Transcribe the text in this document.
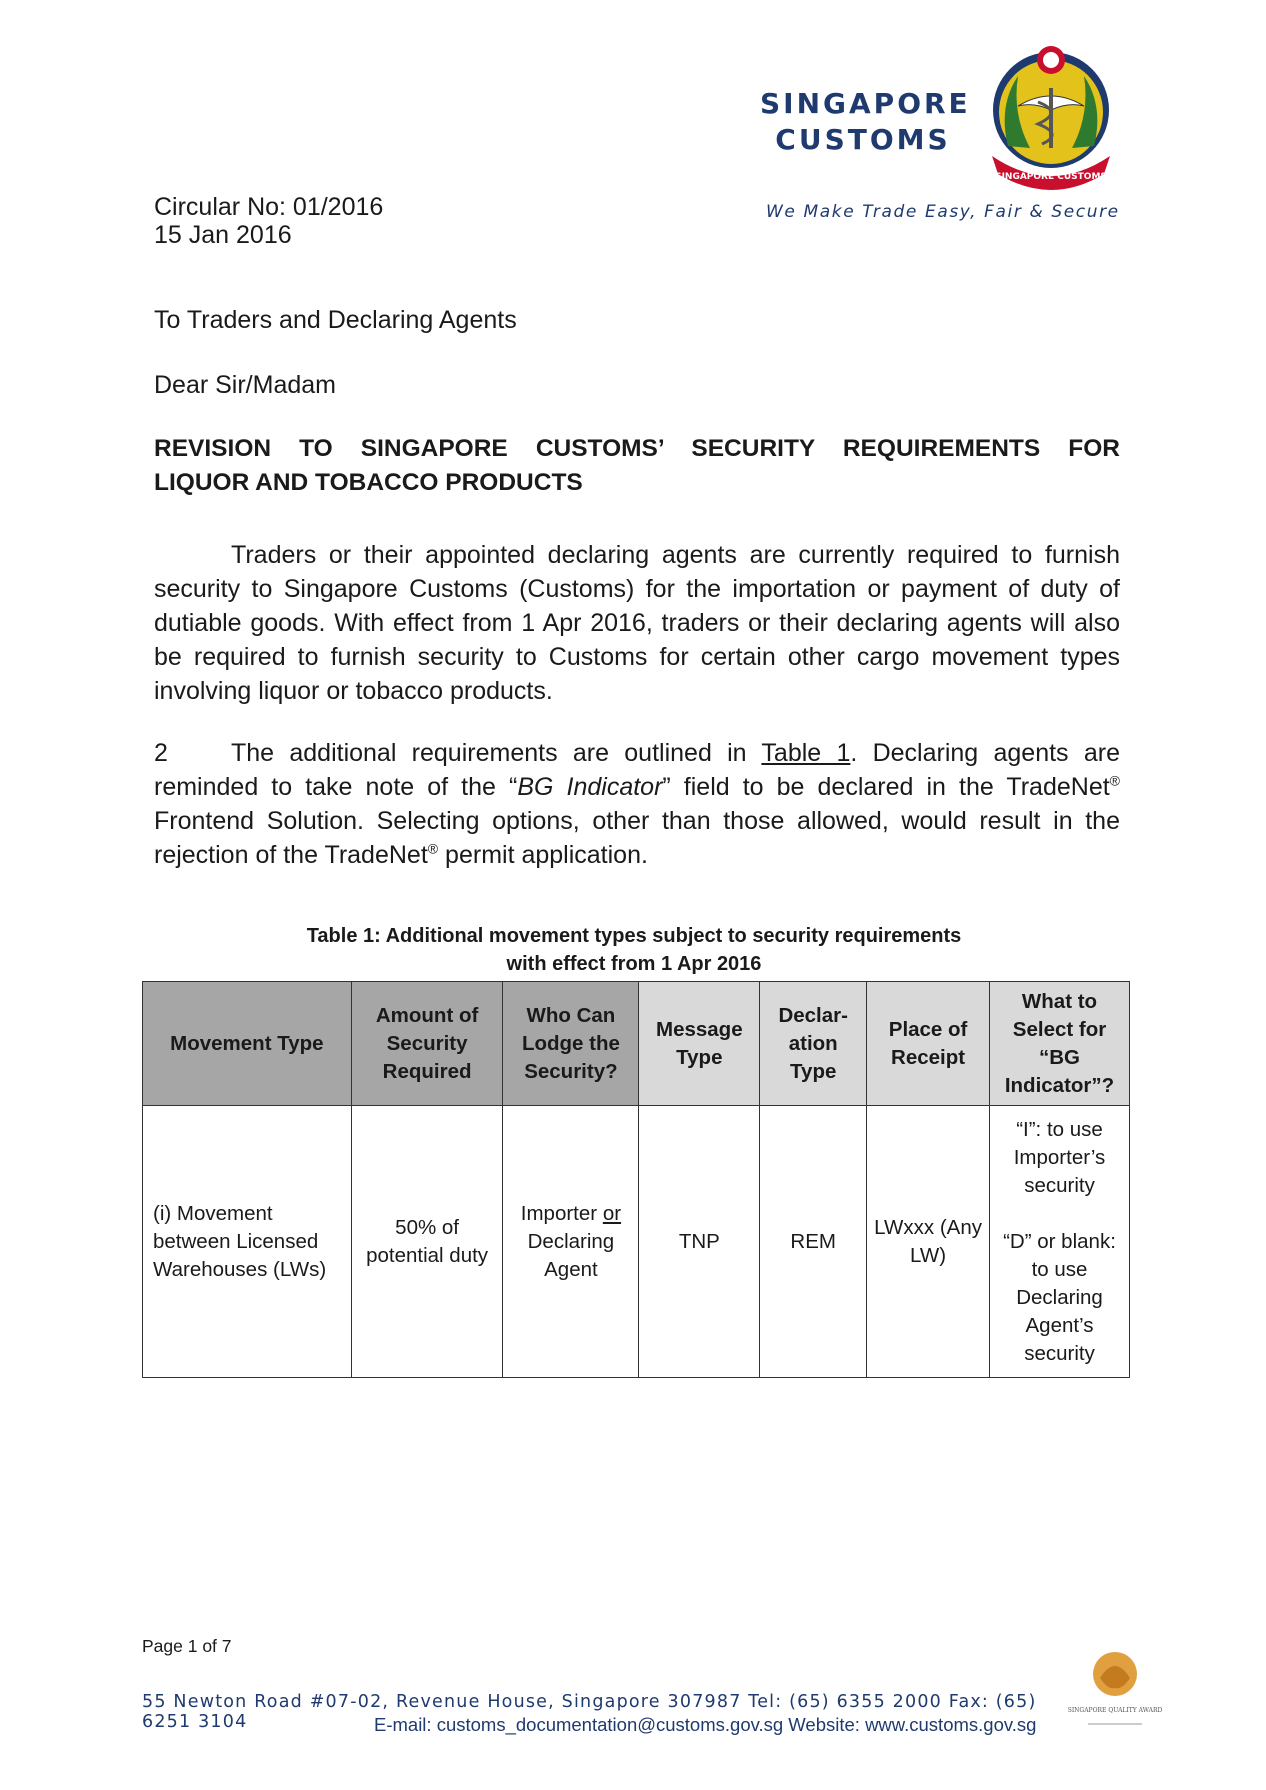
SINGAPORE
CUSTOMS
We Make Trade Easy, Fair & Secure
SINGAPORE CUSTOMS
Circular No: 01/2016
15 Jan 2016
To Traders and Declaring Agents
Dear Sir/Madam
REVISION TO SINGAPORE CUSTOMS’ SECURITY REQUIREMENTS FOR
LIQUOR AND TOBACCO PRODUCTS
Traders or their appointed declaring agents are currently required to furnish security to Singapore Customs (Customs) for the importation or payment of duty of dutiable goods. With effect from 1 Apr 2016, traders or their declaring agents will also be required to furnish security to Customs for certain other cargo movement types involving liquor or tobacco products.
2	The additional requirements are outlined in Table 1. Declaring agents are reminded to take note of the “BG Indicator” field to be declared in the TradeNet® Frontend Solution. Selecting options, other than those allowed, would result in the rejection of the TradeNet® permit application.
Table 1: Additional movement types subject to security requirements
with effect from 1 Apr 2016
Movement Type	Amount of Security Required	Who Can Lodge the Security?	Message Type	Declar-ation Type	Place of Receipt	What to Select for “BG Indicator”?
(i) Movement between Licensed Warehouses (LWs)	50% of potential duty	Importer or Declaring Agent	TNP	REM	LWxxx (Any LW)	“I”: to use Importer’s security
“D” or blank: to use Declaring Agent’s security
Page 1 of 7
55 Newton Road #07-02, Revenue House, Singapore 307987 Tel: (65) 6355 2000 Fax: (65) 6251 3104	E-mail: customs_documentation@customs.gov.sg Website: www.customs.gov.sg
SINGAPORE QUALITY AWARD
